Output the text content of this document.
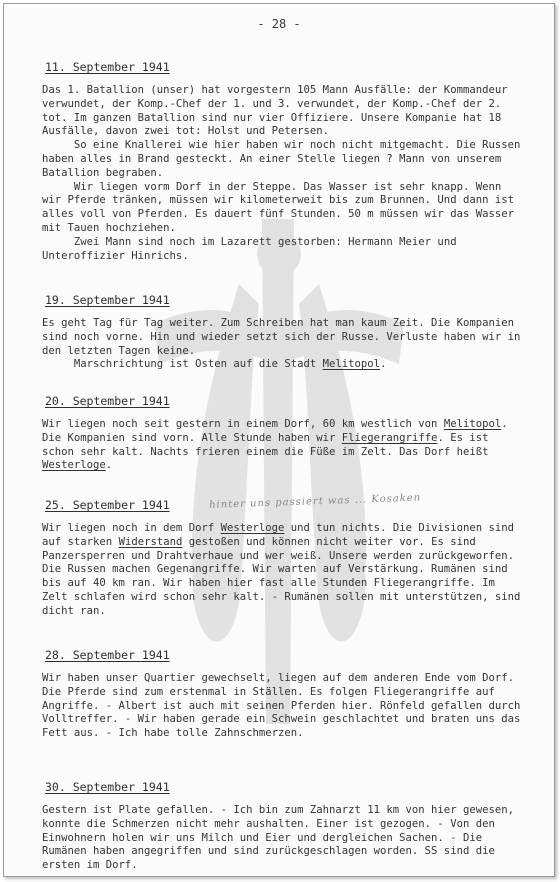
- 28 -
11. September 1941
Das 1. Batallion (unser) hat vorgestern 105 Mann Ausfälle: der Kommandeur verwundet, der Komp.-Chef der 1. und 3. verwundet, der Komp.-Chef der 2. tot. Im ganzen Batallion sind nur vier Offiziere. Unsere Kompanie hat 18 Ausfälle, davon zwei tot: Holst und Petersen.
So eine Knallerei wie hier haben wir noch nicht mitgemacht. Die Russen haben alles in Brand gesteckt. An einer Stelle liegen ? Mann von unserem Batallion begraben.
Wir liegen vorm Dorf in der Steppe. Das Wasser ist sehr knapp. Wenn wir Pferde tränken, müssen wir kilometerweit bis zum Brunnen. Und dann ist alles voll von Pferden. Es dauert fünf Stunden. 50 m müssen wir das Wasser mit Tauen hochziehen.
Zwei Mann sind noch im Lazarett gestorben: Hermann Meier und Unteroffizier Hinrichs.
19. September 1941
Es geht Tag für Tag weiter. Zum Schreiben hat man kaum Zeit. Die Kompanien sind noch vorne. Hin und wieder setzt sich der Russe. Verluste haben wir in den letzten Tagen keine.
Marschrichtung ist Osten auf die Stadt Melitopol.
20. September 1941
Wir liegen noch seit gestern in einem Dorf, 60 km westlich von Melitopol. Die Kompanien sind vorn. Alle Stunde haben wir Fliegerangriffe. Es ist schon sehr kalt. Nachts frieren einem die Füße im Zelt. Das Dorf heißt Westerloge.
hinter uns passiert was ... Kosaken
25. September 1941
Wir liegen noch in dem Dorf Westerloge und tun nichts. Die Divisionen sind auf starken Widerstand gestoßen und können nicht weiter vor. Es sind Panzersperren und Drahtverhaue und wer weiß. Unsere werden zurückgeworfen. Die Russen machen Gegenangriffe. Wir warten auf Verstärkung. Rumänen sind bis auf 40 km ran. Wir haben hier fast alle Stunden Fliegerangriffe. Im Zelt schlafen wird schon sehr kalt. - Rumänen sollen mit unterstützen, sind dicht ran.
28. September 1941
Wir haben unser Quartier gewechselt, liegen auf dem anderen Ende vom Dorf. Die Pferde sind zum erstenmal in Ställen. Es folgen Fliegerangriffe auf Angriffe. - Albert ist auch mit seinen Pferden hier. Rönfeld gefallen durch Volltreffer. - Wir haben gerade ein Schwein geschlachtet und braten uns das Fett aus. - Ich habe tolle Zahnschmerzen.
30. September 1941
Gestern ist Plate gefallen. - Ich bin zum Zahnarzt 11 km von hier gewesen, konnte die Schmerzen nicht mehr aushalten. Einer ist gezogen. - Von den Einwohnern holen wir uns Milch und Eier und dergleichen Sachen. - Die Rumänen haben angegriffen und sind zurückgeschlagen worden. SS sind die ersten im Dorf.
